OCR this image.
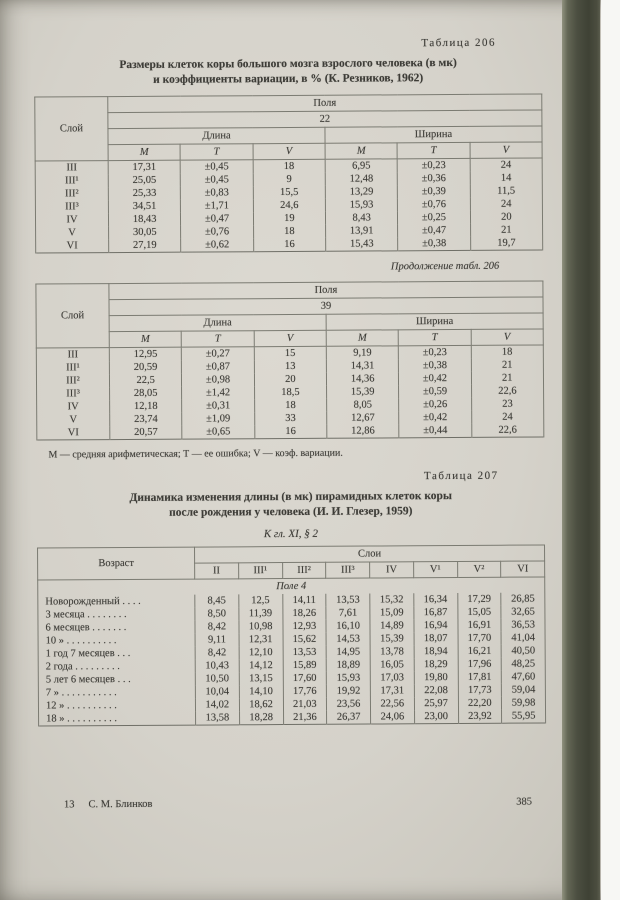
Таблица 206
Размеры клеток коры большого мозга взрослого человека (в мк)
и коэффициенты вариации, в % (К. Резников, 1962)
Слой	Поля					
	22					
	Длина			Ширина		
	М	Т	V	М	Т	V
III	17,31	±0,45	18	6,95	±0,23	24
III¹	25,05	±0,45	9	12,48	±0,36	14
III²	25,33	±0,83	15,5	13,29	±0,39	11,5
III³	34,51	±1,71	24,6	15,93	±0,76	24
IV	18,43	±0,47	19	8,43	±0,25	20
V	30,05	±0,76	18	13,91	±0,47	21
VI	27,19	±0,62	16	15,43	±0,38	19,7
Продолжение табл. 206
Слой	Поля					
	39					
	Длина			Ширина		
	М	Т	V	М	Т	V
III	12,95	±0,27	15	9,19	±0,23	18
III¹	20,59	±0,87	13	14,31	±0,38	21
III²	22,5	±0,98	20	14,36	±0,42	21
III³	28,05	±1,42	18,5	15,39	±0,59	22,6
IV	12,18	±0,31	18	8,05	±0,26	23
V	23,74	±1,09	33	12,67	±0,42	24
VI	20,57	±0,65	16	12,86	±0,44	22,6
М — средняя арифметическая; Т — ее ошибка; V — коэф. вариации.
Таблица 207
Динамика изменения длины (в мк) пирамидных клеток коры
после рождения у человека (И. И. Глезер, 1959)
К гл. XI, § 2
Возраст	Слои							
	II	III¹	III²	III³	IV	V¹	V²	VI
Поле 4								
Новорожденный . . . .	8,45	12,5	14,11	13,53	15,32	16,34	17,29	26,85
3 месяца . . . . . . . .	8,50	11,39	18,26	7,61	15,09	16,87	15,05	32,65
6 месяцев . . . . . . .	8,42	10,98	12,93	16,10	14,89	16,94	16,91	36,53
10 » . . . . . . . . . .	9,11	12,31	15,62	14,53	15,39	18,07	17,70	41,04
1 год 7 месяцев . . .	8,42	12,10	13,53	14,95	13,78	18,94	16,21	40,50
2 года . . . . . . . . .	10,43	14,12	15,89	18,89	16,05	18,29	17,96	48,25
5 лет 6 месяцев . . .	10,50	13,15	17,60	15,93	17,03	19,80	17,81	47,60
7 » . . . . . . . . . . .	10,04	14,10	17,76	19,92	17,31	22,08	17,73	59,04
12 » . . . . . . . . . .	14,02	18,62	21,03	23,56	22,56	25,97	22,20	59,98
18 » . . . . . . . . . .	13,58	18,28	21,36	26,37	24,06	23,00	23,92	55,95
13 С. М. Блинков	385
